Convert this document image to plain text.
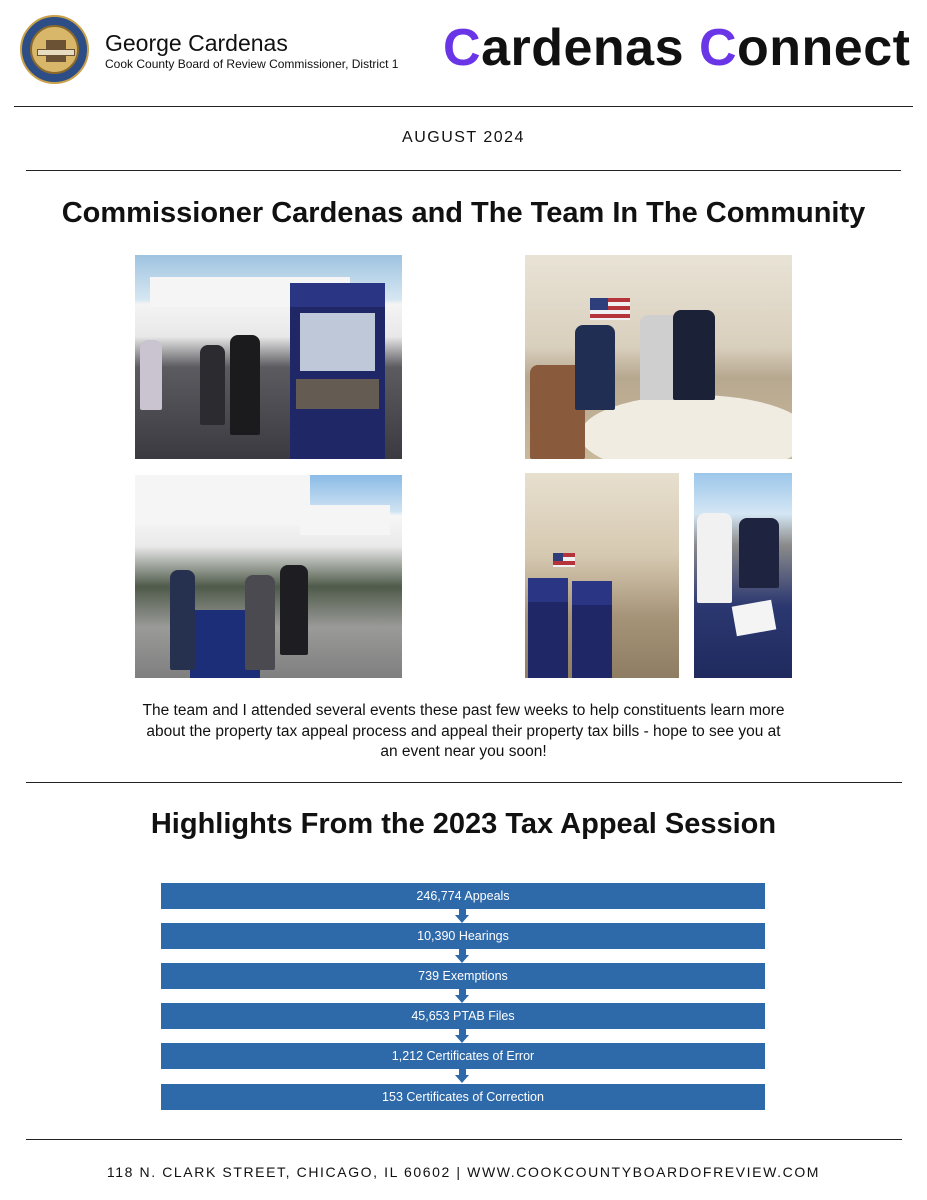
George Cardenas
Cook County Board of Review Commissioner, District 1 Cardenas Connect
AUGUST 2024
Commissioner Cardenas and The Team In The Community
The team and I attended several events these past few weeks to help constituents learn more about the property tax appeal process and appeal their property tax bills - hope to see you at an event near you soon!
Highlights From the 2023 Tax Appeal Session
246,774 Appeals
10,390 Hearings
739 Exemptions
45,653 PTAB Files
1,212 Certificates of Error
153 Certificates of Correction
118 N. CLARK STREET, CHICAGO, IL 60602 | WWW.COOKCOUNTYBOARDOFREVIEW.COM
